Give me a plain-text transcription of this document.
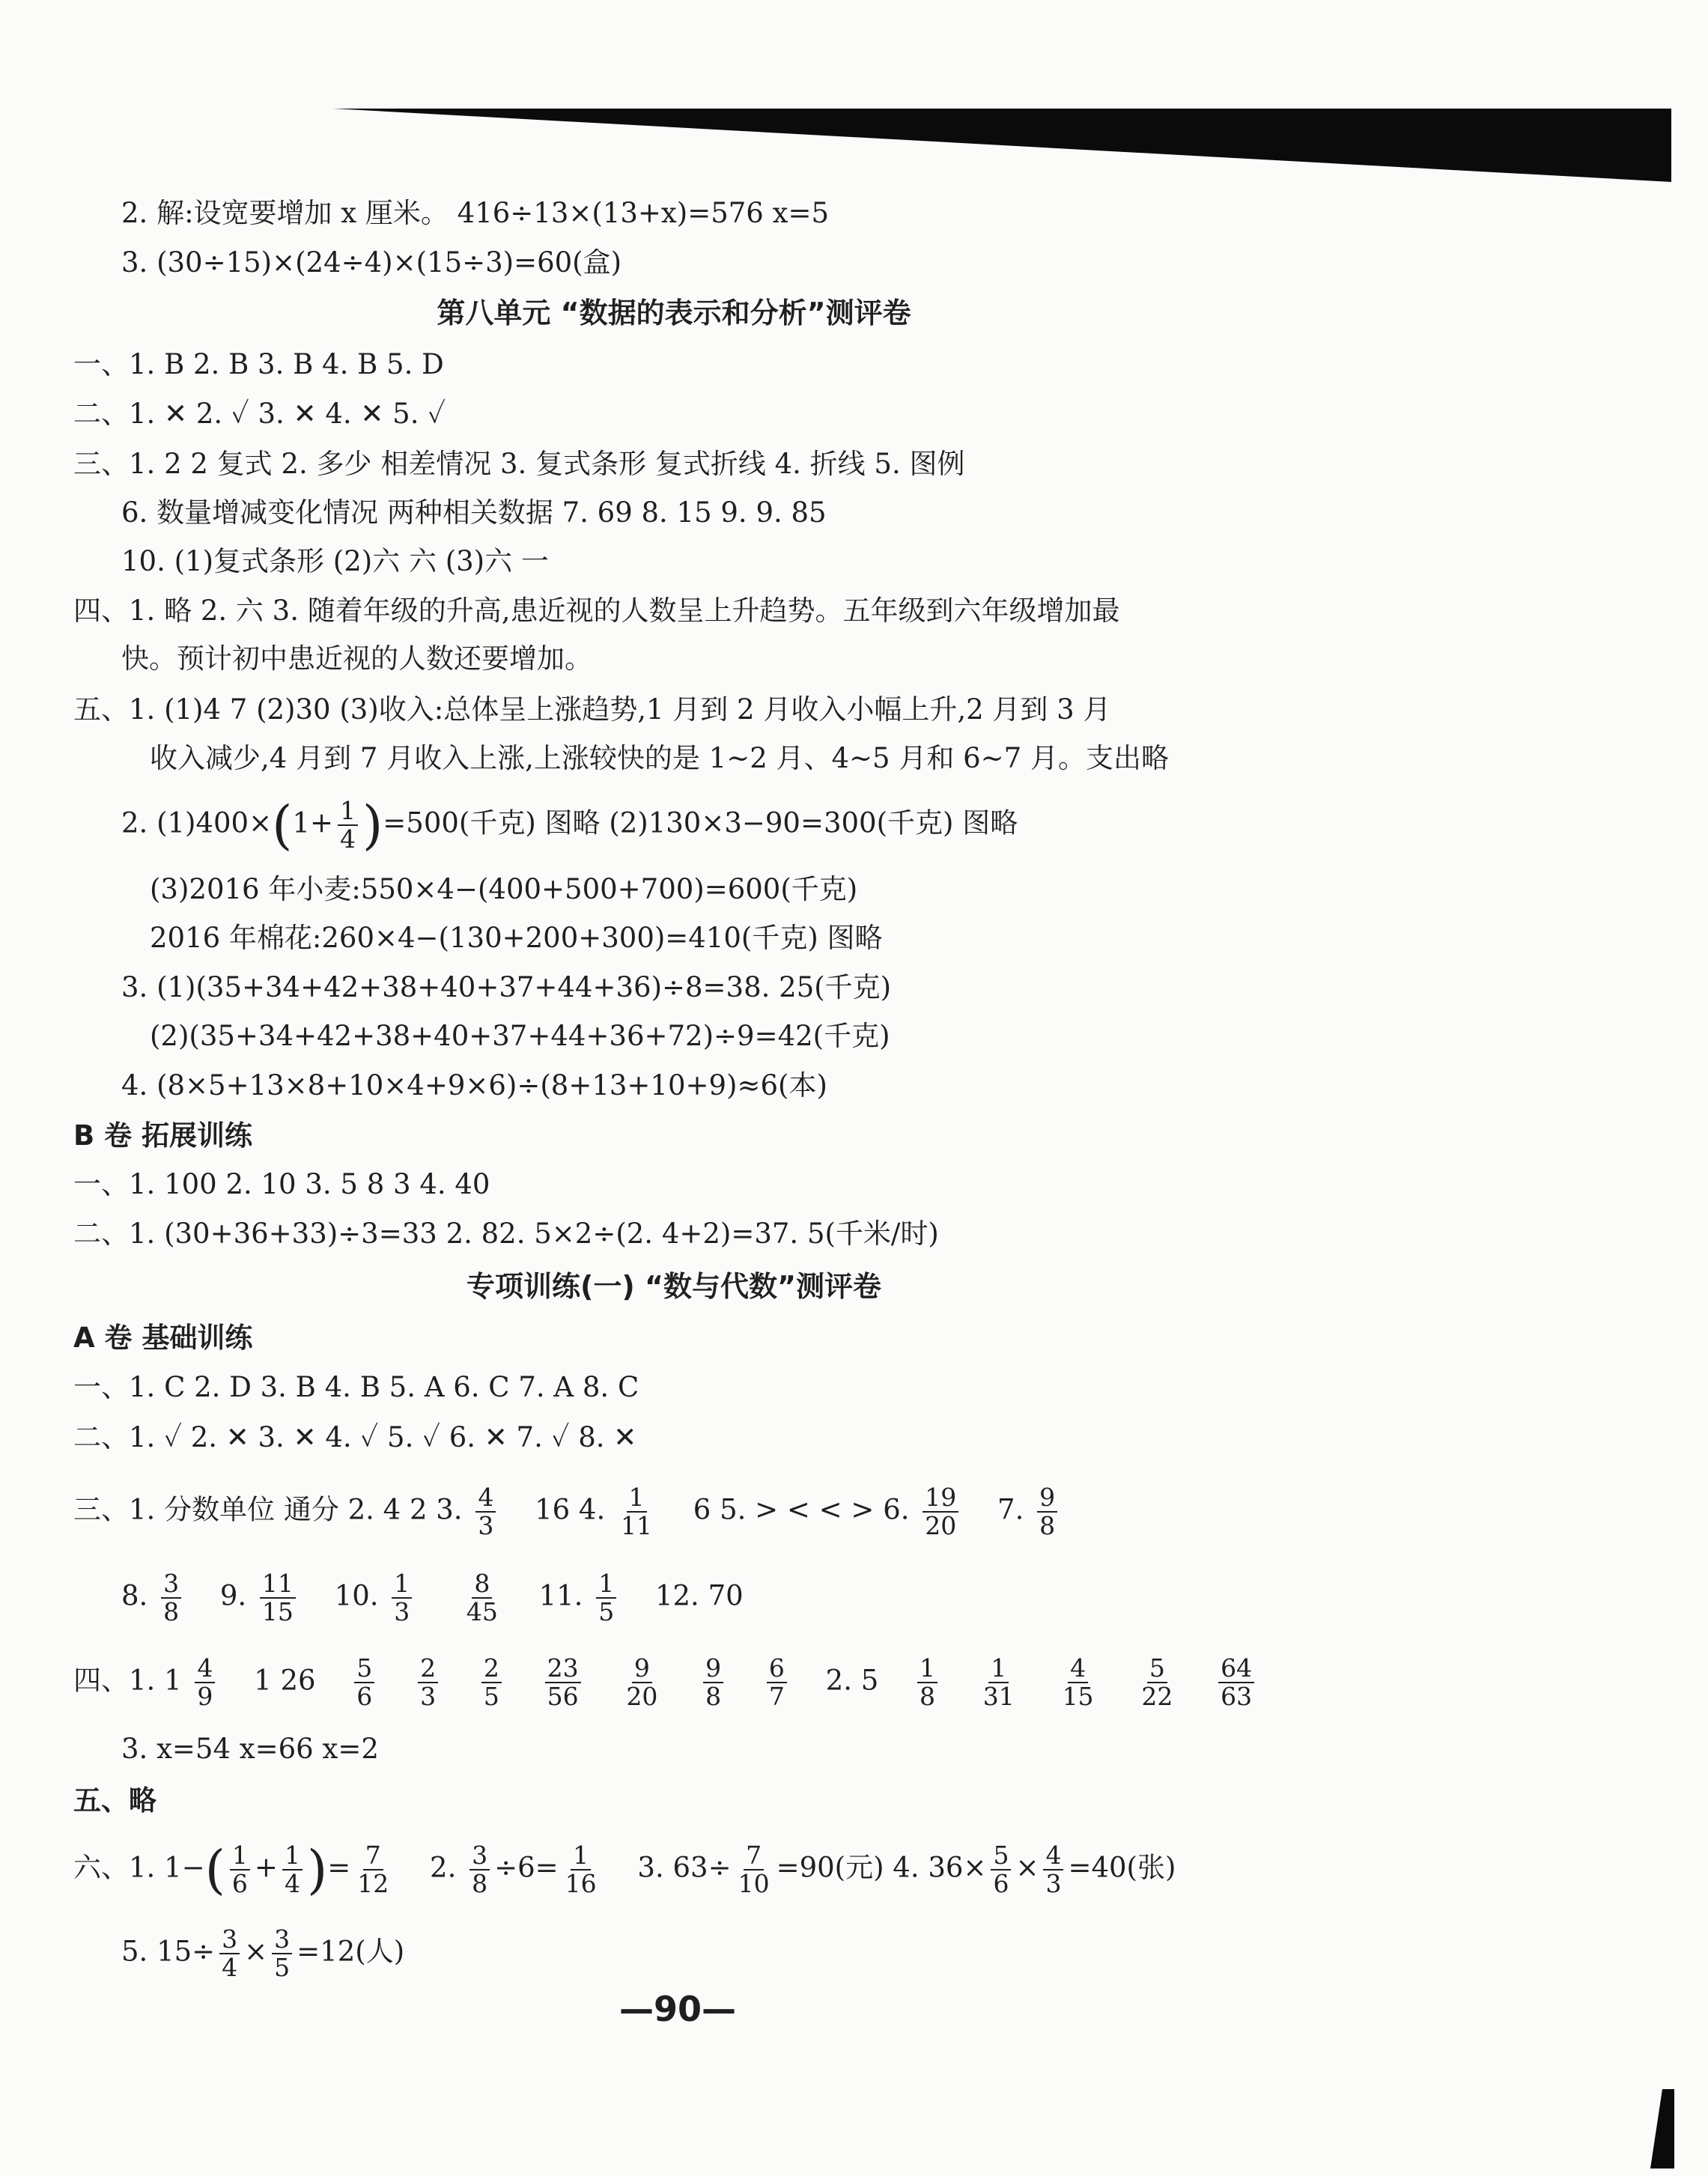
2. 解:设宽要增加 x 厘米。 416÷13×(13+x)=576 x=5
3. (30÷15)×(24÷4)×(15÷3)=60(盒)
第八单元 “数据的表示和分析”测评卷
一、1. B 2. B 3. B 4. B 5. D
二、1. ✕ 2. ✓ 3. ✕ 4. ✕ 5. ✓
三、1. 2 2 复式 2. 多少 相差情况 3. 复式条形 复式折线 4. 折线 5. 图例
6. 数量增减变化情况 两种相关数据 7. 69 8. 15 9. 9. 85
10. (1)复式条形 (2)六 六 (3)六 一
四、1. 略 2. 六 3. 随着年级的升高,患近视的人数呈上升趋势。五年级到六年级增加最
快。预计初中患近视的人数还要增加。
五、1. (1)4 7 (2)30 (3)收入:总体呈上涨趋势,1 月到 2 月收入小幅上升,2 月到 3 月
收入减少,4 月到 7 月收入上涨,上涨较快的是 1~2 月、4~5 月和 6~7 月。支出略
2. $(1)400\times(1+ \frac{1}{4} )=500$(千克) 图略 (2)130×3−90=300(千克) 图略
(3)2016 年小麦:550×4−(400+500+700)=600(千克)
2016 年棉花:260×4−(130+200+300)=410(千克) 图略
3. (1)(35+34+42+38+40+37+44+36)÷8=38. 25(千克)
(2)(35+34+42+38+40+37+44+36+72)÷9=42(千克)
4. (8×5+13×8+10×4+9×6)÷(8+13+10+9)≈6(本)
B 卷 拓展训练
一、1. 100 2. 10 3. 5 8 3 4. 40
二、1. (30+36+33)÷3=33 2. 82. 5×2÷(2. 4+2)=37. 5(千米/时)
专项训练(一) “数与代数”测评卷
A 卷 基础训练
一、1. C 2. D 3. B 4. B 5. A 6. C 7. A 8. C
二、1. ✓ 2. ✕ 3. ✕ 4. ✓ 5. ✓ 6. ✕ 7. ✓ 8. ✕
三、1. 分数单位 通分 2. 4 2 3. $\frac{4}{3} 16$ 4. $\frac{1}{11} 6$ 5. > < < > 6. $\frac{19}{20} 7$. $\frac{9}{8}$
8. $\frac{3}{8} 9$. $\frac{11}{15} 10$. $\frac{1}{3}$
$\frac{8}{45} 11$. $\frac{1}{5} 12$. 70
四、1. $1 \frac{4}{9} 1$ $26 \frac{5}{6}$
$\frac{2}{3}$
$\frac{2}{5}$
$\frac{23}{56}$
$\frac{9}{20}$
$\frac{9}{8}$
$\frac{6}{7} 2$. $5 \frac{1}{8}$
$\frac{1}{31}$
$\frac{4}{15}$
$\frac{5}{22}$
$\frac{64}{63}$
3. x=54 x=66 x=2
五、略
六、1. $1-( \frac{1}{6} + \frac{1}{4}$ )= $\frac{7}{12} 2$. $\frac{3}{8} \div 6= \frac{1}{16} 3$. $63\div \frac{7}{10} =90$(元) 4. $36\times \frac{5}{6} \times \frac{4}{3} =40$(张)
5. $15\div \frac{3}{4} \times \frac{3}{5} =12$(人)
—90—
